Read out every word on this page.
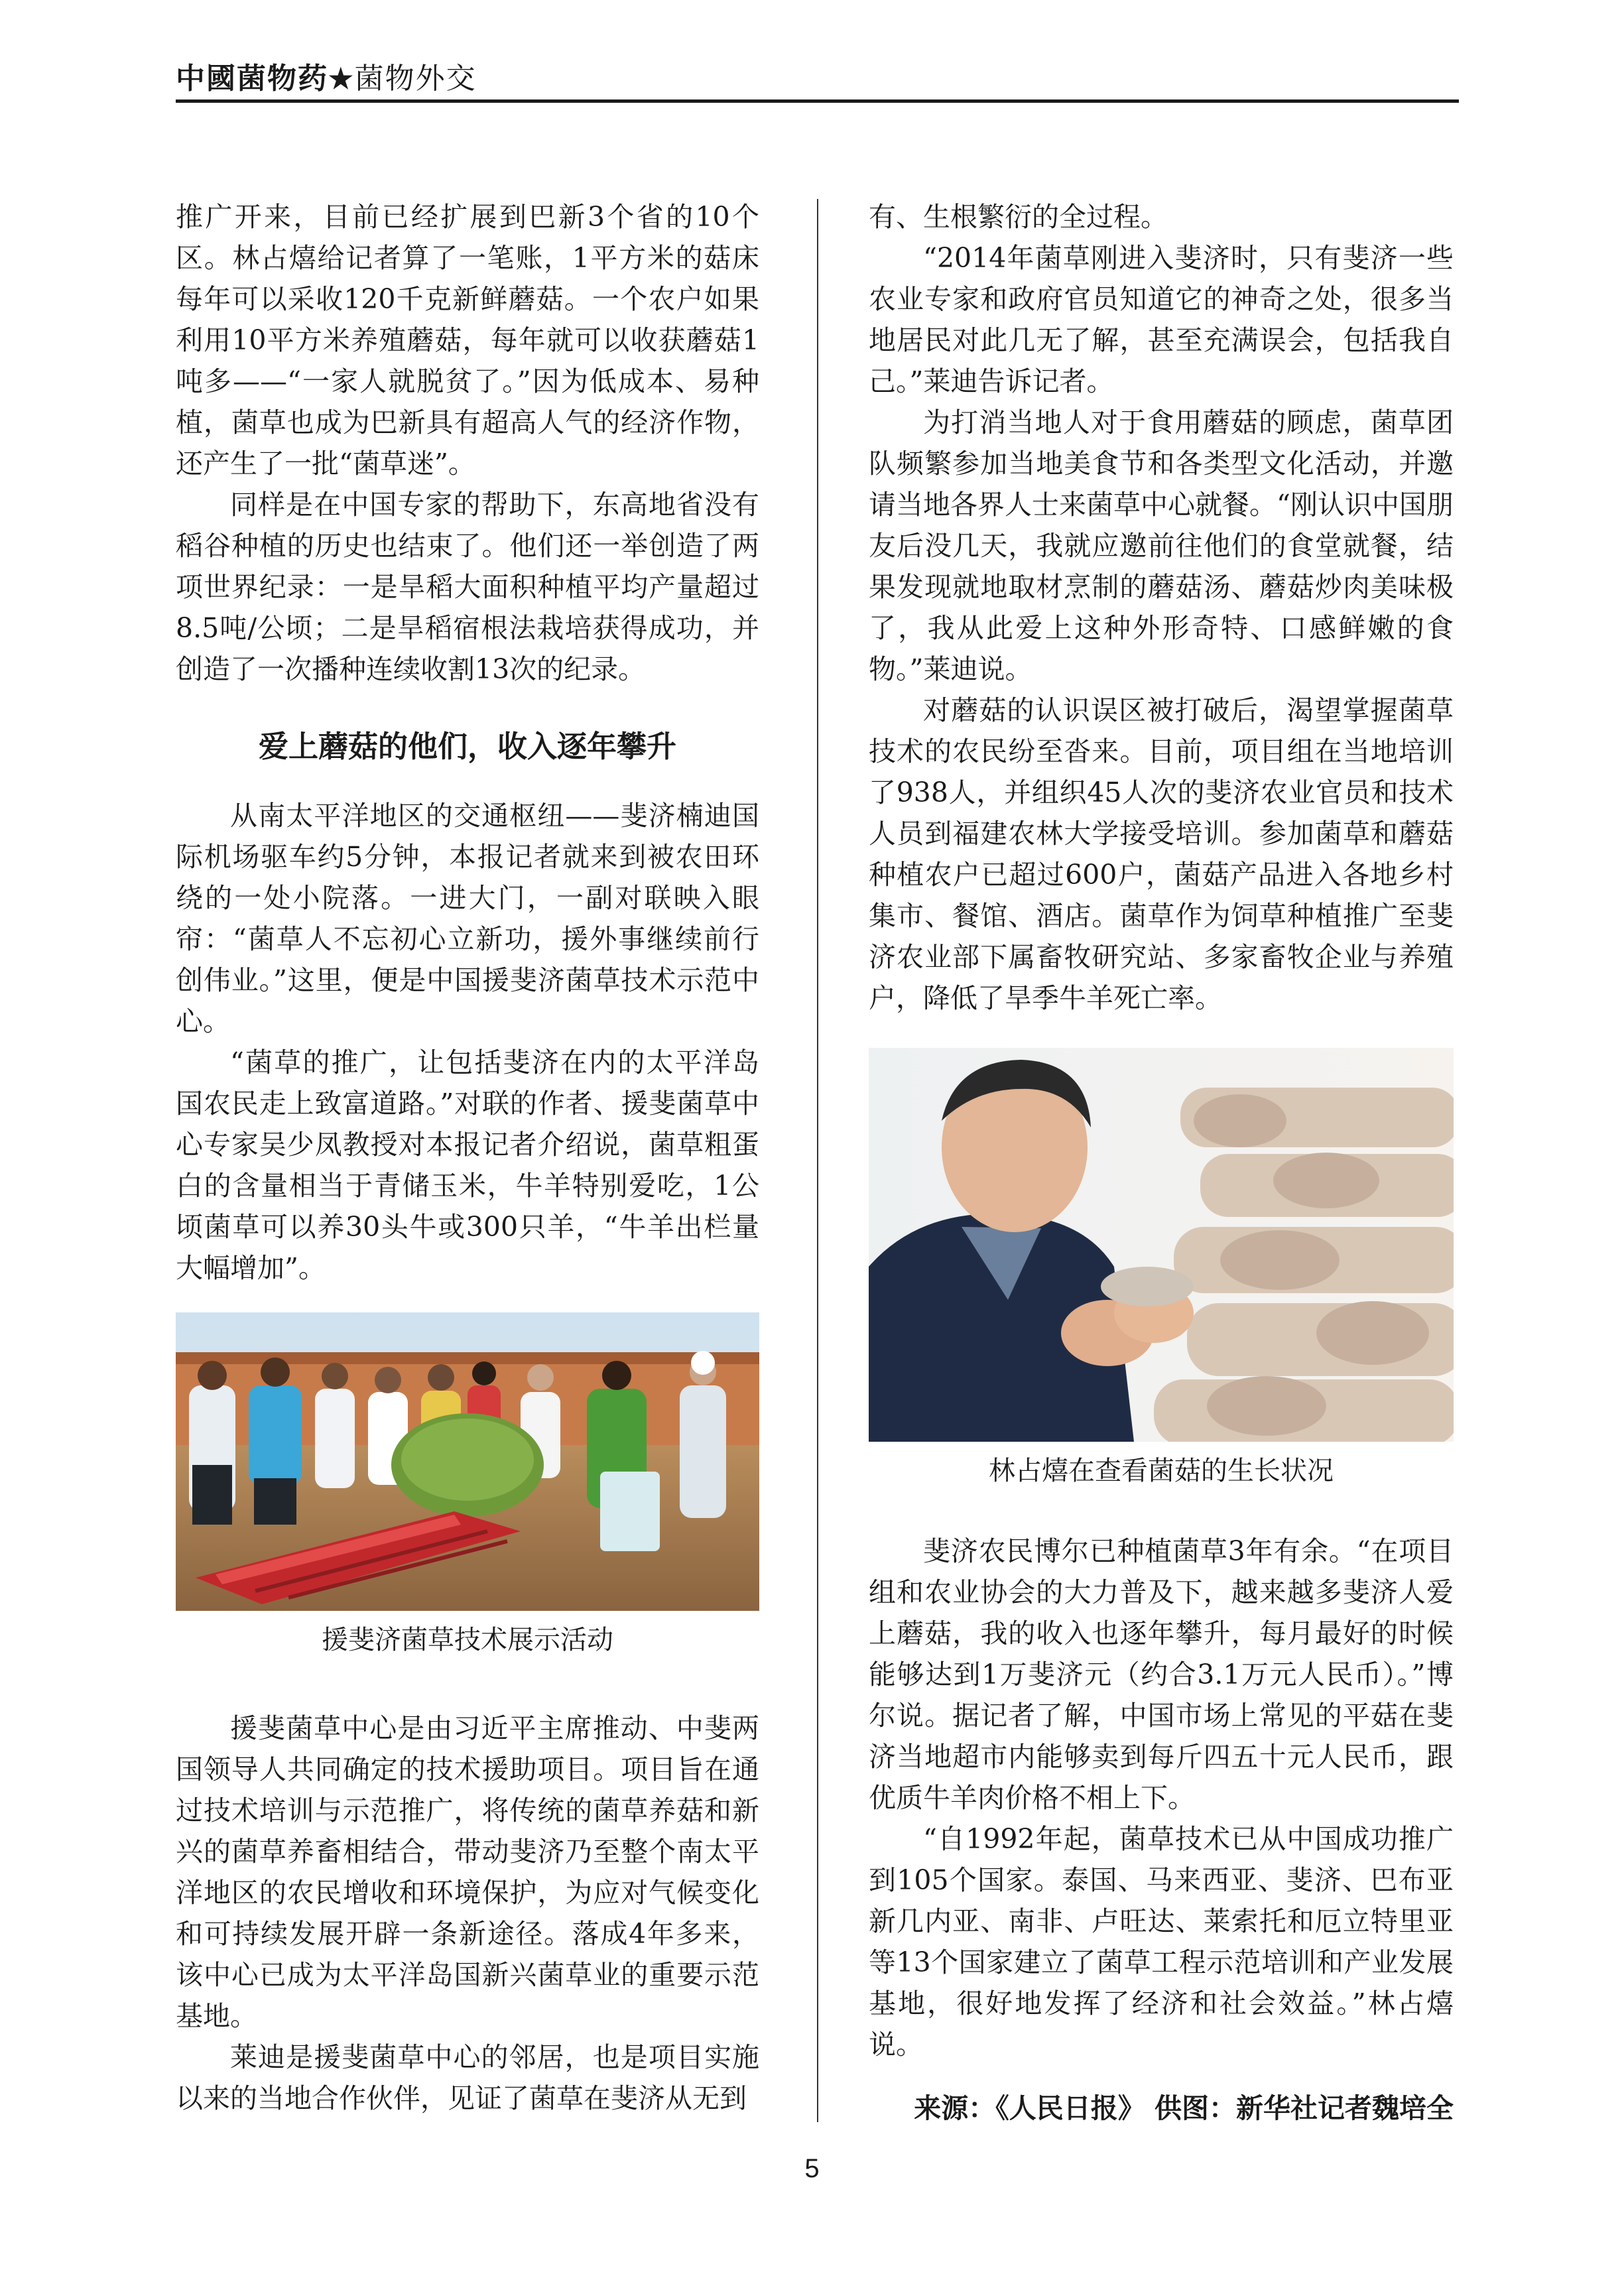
中國菌物药★菌物外交

推广开来，目前已经扩展到巴新3个省的10个区。林占熺给记者算了一笔账，1平方米的菇床每年可以采收120千克新鲜蘑菇。一个农户如果利用10平方米养殖蘑菇，每年就可以收获蘑菇1吨多——“一家人就脱贫了。”因为低成本、易种植，菌草也成为巴新具有超高人气的经济作物，还产生了一批“菌草迷”。

同样是在中国专家的帮助下，东高地省没有稻谷种植的历史也结束了。他们还一举创造了两项世界纪录：一是旱稻大面积种植平均产量超过8.5吨/公顷；二是旱稻宿根法栽培获得成功，并创造了一次播种连续收割13次的纪录。

爱上蘑菇的他们，收入逐年攀升

从南太平洋地区的交通枢纽——斐济楠迪国际机场驱车约5分钟，本报记者就来到被农田环绕的一处小院落。一进大门，一副对联映入眼帘：“菌草人不忘初心立新功，援外事继续前行创伟业。”这里，便是中国援斐济菌草技术示范中心。

“菌草的推广，让包括斐济在内的太平洋岛国农民走上致富道路。”对联的作者、援斐菌草中心专家吴少凤教授对本报记者介绍说，菌草粗蛋白的含量相当于青储玉米，牛羊特别爱吃，1公顷菌草可以养30头牛或300只羊，“牛羊出栏量大幅增加”。

援斐济菌草技术展示活动

援斐菌草中心是由习近平主席推动、中斐两国领导人共同确定的技术援助项目。项目旨在通过技术培训与示范推广，将传统的菌草养菇和新兴的菌草养畜相结合，带动斐济乃至整个南太平洋地区的农民增收和环境保护，为应对气候变化和可持续发展开辟一条新途径。落成4年多来，该中心已成为太平洋岛国新兴菌草业的重要示范基地。

莱迪是援斐菌草中心的邻居，也是项目实施以来的当地合作伙伴，见证了菌草在斐济从无到

有、生根繁衍的全过程。

“2014年菌草刚进入斐济时，只有斐济一些农业专家和政府官员知道它的神奇之处，很多当地居民对此几无了解，甚至充满误会，包括我自己。”莱迪告诉记者。

为打消当地人对于食用蘑菇的顾虑，菌草团队频繁参加当地美食节和各类型文化活动，并邀请当地各界人士来菌草中心就餐。“刚认识中国朋友后没几天，我就应邀前往他们的食堂就餐，结果发现就地取材烹制的蘑菇汤、蘑菇炒肉美味极了，我从此爱上这种外形奇特、口感鲜嫩的食物。”莱迪说。

对蘑菇的认识误区被打破后，渴望掌握菌草技术的农民纷至沓来。目前，项目组在当地培训了938人，并组织45人次的斐济农业官员和技术人员到福建农林大学接受培训。参加菌草和蘑菇种植农户已超过600户，菌菇产品进入各地乡村集市、餐馆、酒店。菌草作为饲草种植推广至斐济农业部下属畜牧研究站、多家畜牧企业与养殖户，降低了旱季牛羊死亡率。

林占熺在查看菌菇的生长状况

斐济农民博尔已种植菌草3年有余。“在项目组和农业协会的大力普及下，越来越多斐济人爱上蘑菇，我的收入也逐年攀升，每月最好的时候能够达到1万斐济元（约合3.1万元人民币）。”博尔说。据记者了解，中国市场上常见的平菇在斐济当地超市内能够卖到每斤四五十元人民币，跟优质牛羊肉价格不相上下。

“自1992年起，菌草技术已从中国成功推广到105个国家。泰国、马来西亚、斐济、巴布亚新几内亚、南非、卢旺达、莱索托和厄立特里亚等13个国家建立了菌草工程示范培训和产业发展基地，很好地发挥了经济和社会效益。”林占熺说。

来源：《人民日报》 供图：新华社记者魏培全
5
